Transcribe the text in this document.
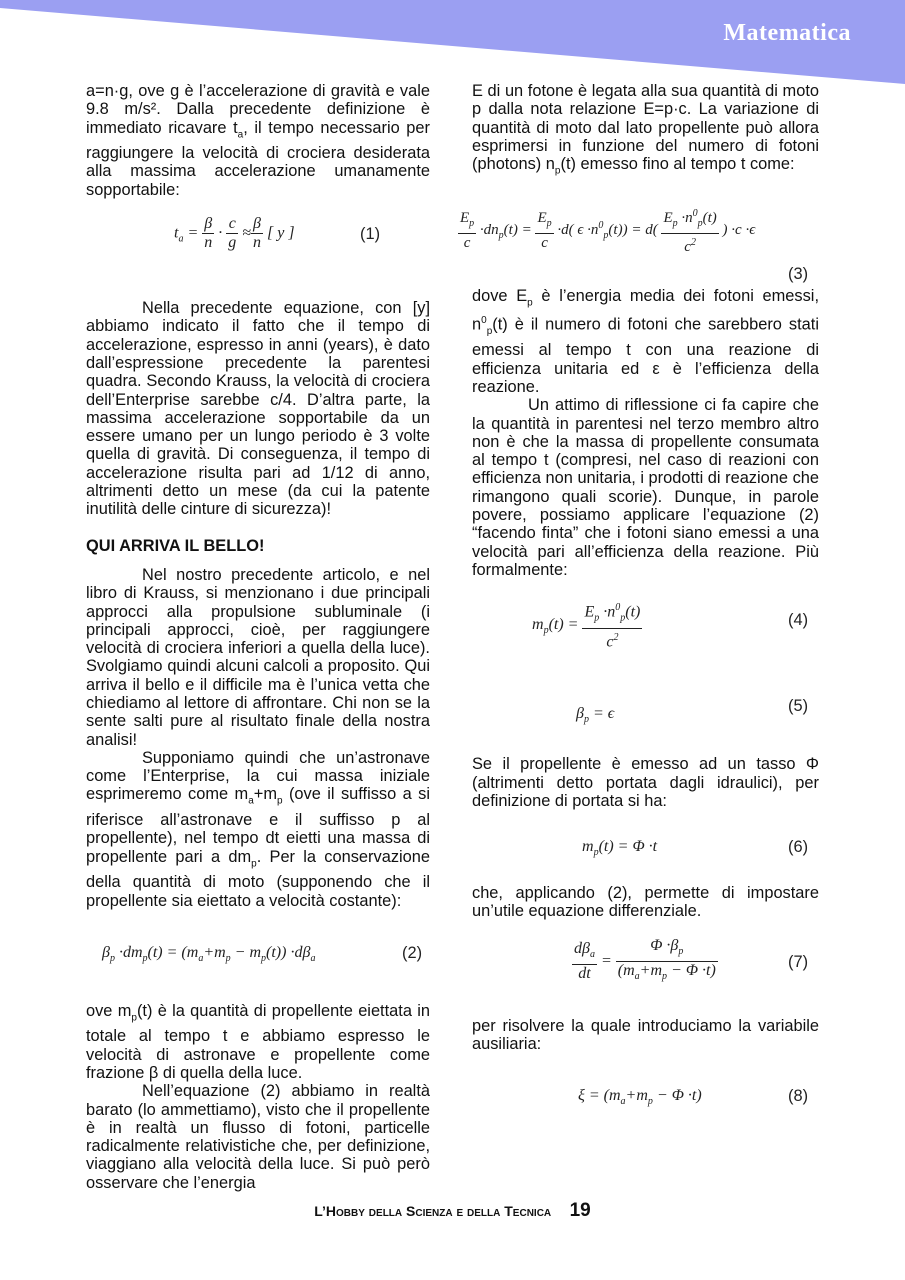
Matematica

a=n·g, ove g è l’accelerazione di gravità e vale 9.8 m/s². Dalla precedente definizione è immediato ricavare $t_a$, il tempo necessario per raggiungere la velocità di crociera desiderata alla massima accelerazione umanamente sopportabile:

$t_a = \frac{\beta}{n} \cdot \frac{c}{g} \approx \frac{\beta}{n}$ [ y ]	(1)

Nella precedente equazione, con [y] abbiamo indicato il fatto che il tempo di accelerazione, espresso in anni (years), è dato dall’espressione precedente la parentesi quadra. Secondo Krauss, la velocità di crociera dell’Enterprise sarebbe c/4. D’altra parte, la massima accelerazione sopportabile da un essere umano per un lungo periodo è 3 volte quella di gravità. Di conseguenza, il tempo di accelerazione risulta pari ad 1/12 di anno, altrimenti detto un mese (da cui la patente inutilità delle cinture di sicurezza)!

QUI ARRIVA IL BELLO!

Nel nostro precedente articolo, e nel libro di Krauss, si menzionano i due principali approcci alla propulsione subluminale (i principali approcci, cioè, per raggiungere velocità di crociera inferiori a quella della luce). Svolgiamo quindi alcuni calcoli a proposito. Qui arriva il bello e il difficile ma è l’unica vetta che chiediamo al lettore di affrontare. Chi non se la sente salti pure al risultato finale della nostra analisi!

Supponiamo quindi che un’astronave come l’Enterprise, la cui massa iniziale esprimeremo come $m_a+m_p$ (ove il suffisso a si riferisce all’astronave e il suffisso p al propellente), nel tempo dt eietti una massa di propellente pari a $dm_p$. Per la conservazione della quantità di moto (supponendo che il propellente sia eiettato a velocità costante):

$\beta_p \cdot dm_p(t) = (m_a+m_p - m_p(t)) \cdot d\beta_a$	(2)

ove $m_p(t)$ è la quantità di propellente eiettata in totale al tempo t e abbiamo espresso le velocità di astronave e propellente come frazione β di quella della luce.

Nell’equazione (2) abbiamo in realtà barato (lo ammettiamo), visto che il propellente è in realtà un flusso di fotoni, particelle radicalmente relativistiche che, per definizione, viaggiano alla velocità della luce. Si può però osservare che l’energia

E di un fotone è legata alla sua quantità di moto p dalla nota relazione E=p·c. La variazione di quantità di moto dal lato propellente può allora esprimersi in funzione del numero di fotoni (photons) $n_p(t)$ emesso fino al tempo t come:

$\frac{E_p}{c} \cdot dn_p(t) = \frac{E_p}{c} \cdot d$( $\epsilon \cdot n^0_p(t)) = d( \frac{E_p \cdot n^0_p(t)}{c^2}$ ) ·c ·ϵ
(3)

dove $E_p$ è l’energia media dei fotoni emessi, $n^0_p(t)$ è il numero di fotoni che sarebbero stati emessi al tempo t con una reazione di efficienza unitaria ed ε è l’efficienza della reazione.

Un attimo di riflessione ci fa capire che la quantità in parentesi nel terzo membro altro non è che la massa di propellente consumata al tempo t (compresi, nel caso di reazioni con efficienza non unitaria, i prodotti di reazione che rimangono quali scorie). Dunque, in parole povere, possiamo applicare l’equazione (2) “facendo finta” che i fotoni siano emessi a una velocità pari all’efficienza della reazione. Più formalmente:

$m_p(t) = \frac{E_p \cdot n^0_p(t)}{c^2}$	(4)
$\beta_p = \epsilon$	(5)

Se il propellente è emesso ad un tasso Φ (altrimenti detto portata dagli idraulici), per definizione di portata si ha:

$m_p(t) = \Phi \cdot t$	(6)

che, applicando (2), permette di impostare un’utile equazione differenziale.

$\frac{d\beta_a}{dt} = \frac{\Phi \cdot\beta_p}{(m_a+m_p - \Phi \cdot t)}$	(7)

per risolvere la quale introduciamo la variabile ausiliaria:

$\xi = (m_a+m_p - \Phi \cdot t)$	(8)
L’Hobby della Scienza e della Tecnica 19
